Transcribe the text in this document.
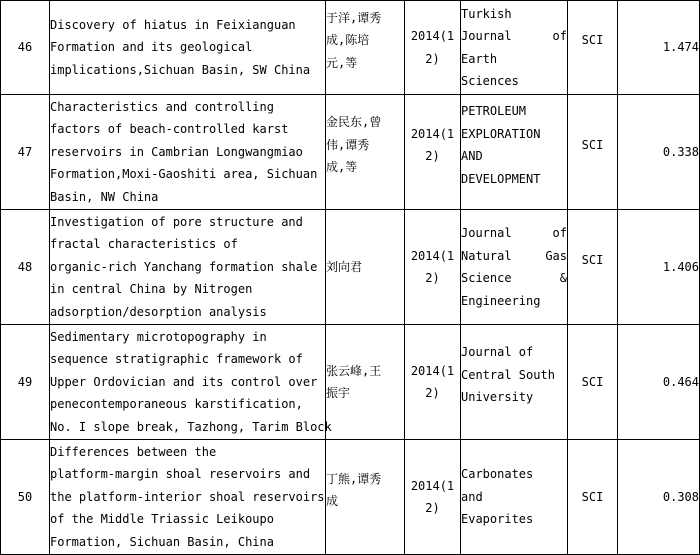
46	Discovery of hiatus in Feixianguan
Formation and its geological
implications,Sichuan Basin, SW China	于洋,谭秀
成,陈培
元,等	2014(1
2)	Turkish
Journal of
Earth
Sciences	SCI	1.474
47	Characteristics and controlling
factors of beach-controlled karst
reservoirs in Cambrian Longwangmiao
Formation,Moxi-Gaoshiti area, Sichuan
Basin, NW China	金民东,曾
伟,谭秀
成,等	2014(1
2)	PETROLEUM
EXPLORATION
AND
DEVELOPMENT	SCI	0.338
48	Investigation of pore structure and
fractal characteristics of
organic-rich Yanchang formation shale
in central China by Nitrogen
adsorption/desorption analysis	刘向君	2014(1
2)	Journal of
Natural Gas
Science &
Engineering	SCI	1.406
49	Sedimentary microtopography in
sequence stratigraphic framework of
Upper Ordovician and its control over
penecontemporaneous karstification,
No. I slope break, Tazhong, Tarim Block	张云峰,王
振宇	2014(1
2)	Journal of
Central South
University	SCI	0.464
50	Differences between the
platform-margin shoal reservoirs and
the platform-interior shoal reservoirs
of the Middle Triassic Leikoupo
Formation, Sichuan Basin, China	丁熊,谭秀
成	2014(1
2)	Carbonates
and
Evaporites	SCI	0.308
